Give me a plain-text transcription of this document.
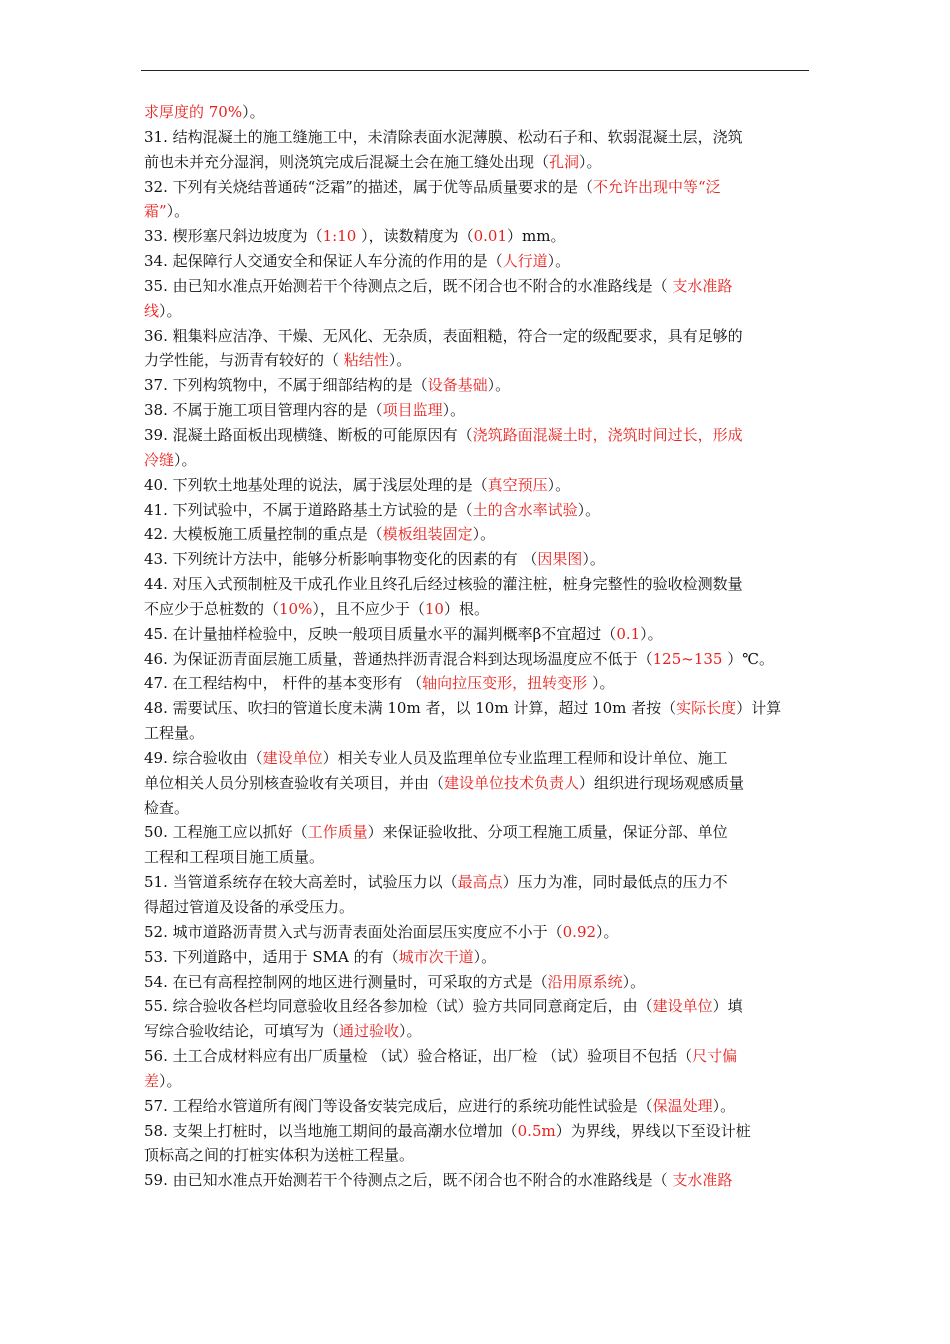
求厚度的 70%）。
31. 结构混凝土的施工缝施工中，未清除表面水泥薄膜、松动石子和、软弱混凝土层，浇筑
前也未并充分湿润，则浇筑完成后混凝土会在施工缝处出现（孔洞）。
32. 下列有关烧结普通砖“泛霜”的描述，属于优等品质量要求的是（不允许出现中等“泛
霜”）。
33. 楔形塞尺斜边坡度为（1:10 ），读数精度为（0.01）mm。
34. 起保障行人交通安全和保证人车分流的作用的是（人行道）。
35. 由已知水准点开始测若干个待测点之后，既不闭合也不附合的水准路线是（ 支水准路
线）。
36. 粗集料应洁净、干燥、无风化、无杂质，表面粗糙，符合一定的级配要求，具有足够的
力学性能，与沥青有较好的（ 粘结性）。
37. 下列构筑物中，不属于细部结构的是（设备基础）。
38. 不属于施工项目管理内容的是（项目监理）。
39. 混凝土路面板出现横缝、断板的可能原因有（浇筑路面混凝土时，浇筑时间过长，形成
冷缝）。
40. 下列软土地基处理的说法，属于浅层处理的是（真空预压）。
41. 下列试验中，不属于道路路基土方试验的是（土的含水率试验）。
42. 大模板施工质量控制的重点是（模板组装固定）。
43. 下列统计方法中，能够分析影响事物变化的因素的有 （因果图）。
44. 对压入式预制桩及干成孔作业且终孔后经过核验的灌注桩，桩身完整性的验收检测数量
不应少于总桩数的（10%），且不应少于（10）根。
45. 在计量抽样检验中，反映一般项目质量水平的漏判概率β不宜超过（0.1）。
46. 为保证沥青面层施工质量，普通热拌沥青混合料到达现场温度应不低于（125~135 ）℃。
47. 在工程结构中， 杆件的基本变形有 （轴向拉压变形，扭转变形 ）。
48. 需要试压、吹扫的管道长度未满 10m 者，以 10m 计算，超过 10m 者按（实际长度）计算
工程量。
49. 综合验收由（建设单位）相关专业人员及监理单位专业监理工程师和设计单位、施工
单位相关人员分别核查验收有关项目，并由（建设单位技术负责人）组织进行现场观感质量
检查。
50. 工程施工应以抓好（工作质量）来保证验收批、分项工程施工质量，保证分部、单位
工程和工程项目施工质量。
51. 当管道系统存在较大高差时，试验压力以（最高点）压力为准，同时最低点的压力不
得超过管道及设备的承受压力。
52. 城市道路沥青贯入式与沥青表面处治面层压实度应不小于（0.92）。
53. 下列道路中，适用于 SMA 的有（城市次干道）。
54. 在已有高程控制网的地区进行测量时，可采取的方式是（沿用原系统）。
55. 综合验收各栏均同意验收且经各参加检（试）验方共同同意商定后，由（建设单位）填
写综合验收结论，可填写为（通过验收）。
56. 土工合成材料应有出厂质量检 （试）验合格证，出厂检 （试）验项目不包括（尺寸偏
差）。
57. 工程给水管道所有阀门等设备安装完成后，应进行的系统功能性试验是（保温处理）。
58. 支架上打桩时，以当地施工期间的最高潮水位增加（0.5m）为界线，界线以下至设计桩
顶标高之间的打桩实体积为送桩工程量。
59. 由已知水准点开始测若干个待测点之后，既不闭合也不附合的水准路线是（ 支水准路
